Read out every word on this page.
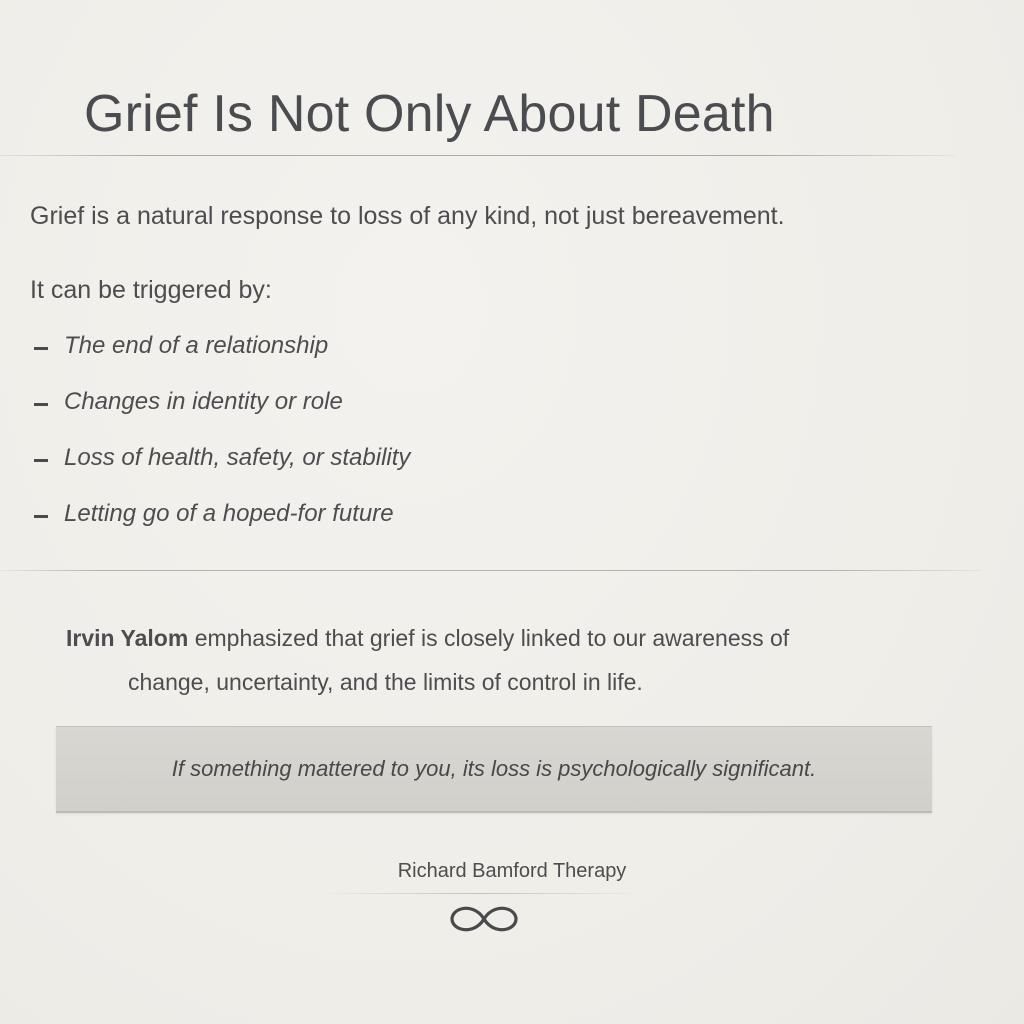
Grief Is Not Only About Death

Grief is a natural response to loss of any kind, not just bereavement.

It can be triggered by:

The end of a relationship
Changes in identity or role
Loss of health, safety, or stability
Letting go of a hoped-for future

Irvin Yalom emphasized that grief is closely linked to our awareness of
change, uncertainty, and the limits of control in life.

If something mattered to you, its loss is psychologically significant.

Richard Bamford Therapy
